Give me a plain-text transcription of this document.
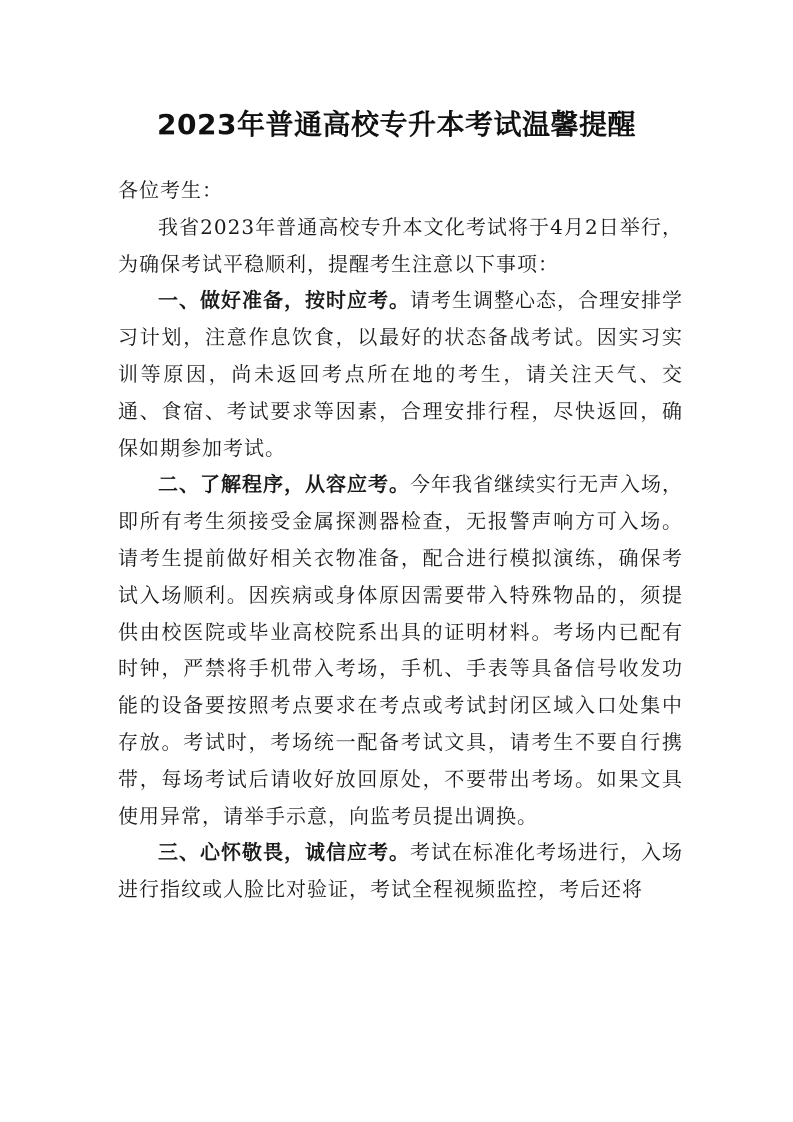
2023年普通高校专升本考试温馨提醒

各位考生：

我省2023年普通高校专升本文化考试将于4月2日举行，为确保考试平稳顺利，提醒考生注意以下事项：

一、做好准备，按时应考。请考生调整心态，合理安排学习计划，注意作息饮食，以最好的状态备战考试。因实习实训等原因，尚未返回考点所在地的考生，请关注天气、交通、食宿、考试要求等因素，合理安排行程，尽快返回，确保如期参加考试。

二、了解程序，从容应考。今年我省继续实行无声入场，即所有考生须接受金属探测器检查，无报警声响方可入场。请考生提前做好相关衣物准备，配合进行模拟演练，确保考试入场顺利。因疾病或身体原因需要带入特殊物品的，须提供由校医院或毕业高校院系出具的证明材料。考场内已配有时钟，严禁将手机带入考场，手机、手表等具备信号收发功能的设备要按照考点要求在考点或考试封闭区域入口处集中存放。考试时，考场统一配备考试文具，请考生不要自行携带，每场考试后请收好放回原处，不要带出考场。如果文具使用异常，请举手示意，向监考员提出调换。

三、心怀敬畏，诚信应考。考试在标准化考场进行，入场进行指纹或人脸比对验证，考试全程视频监控，考后还将
